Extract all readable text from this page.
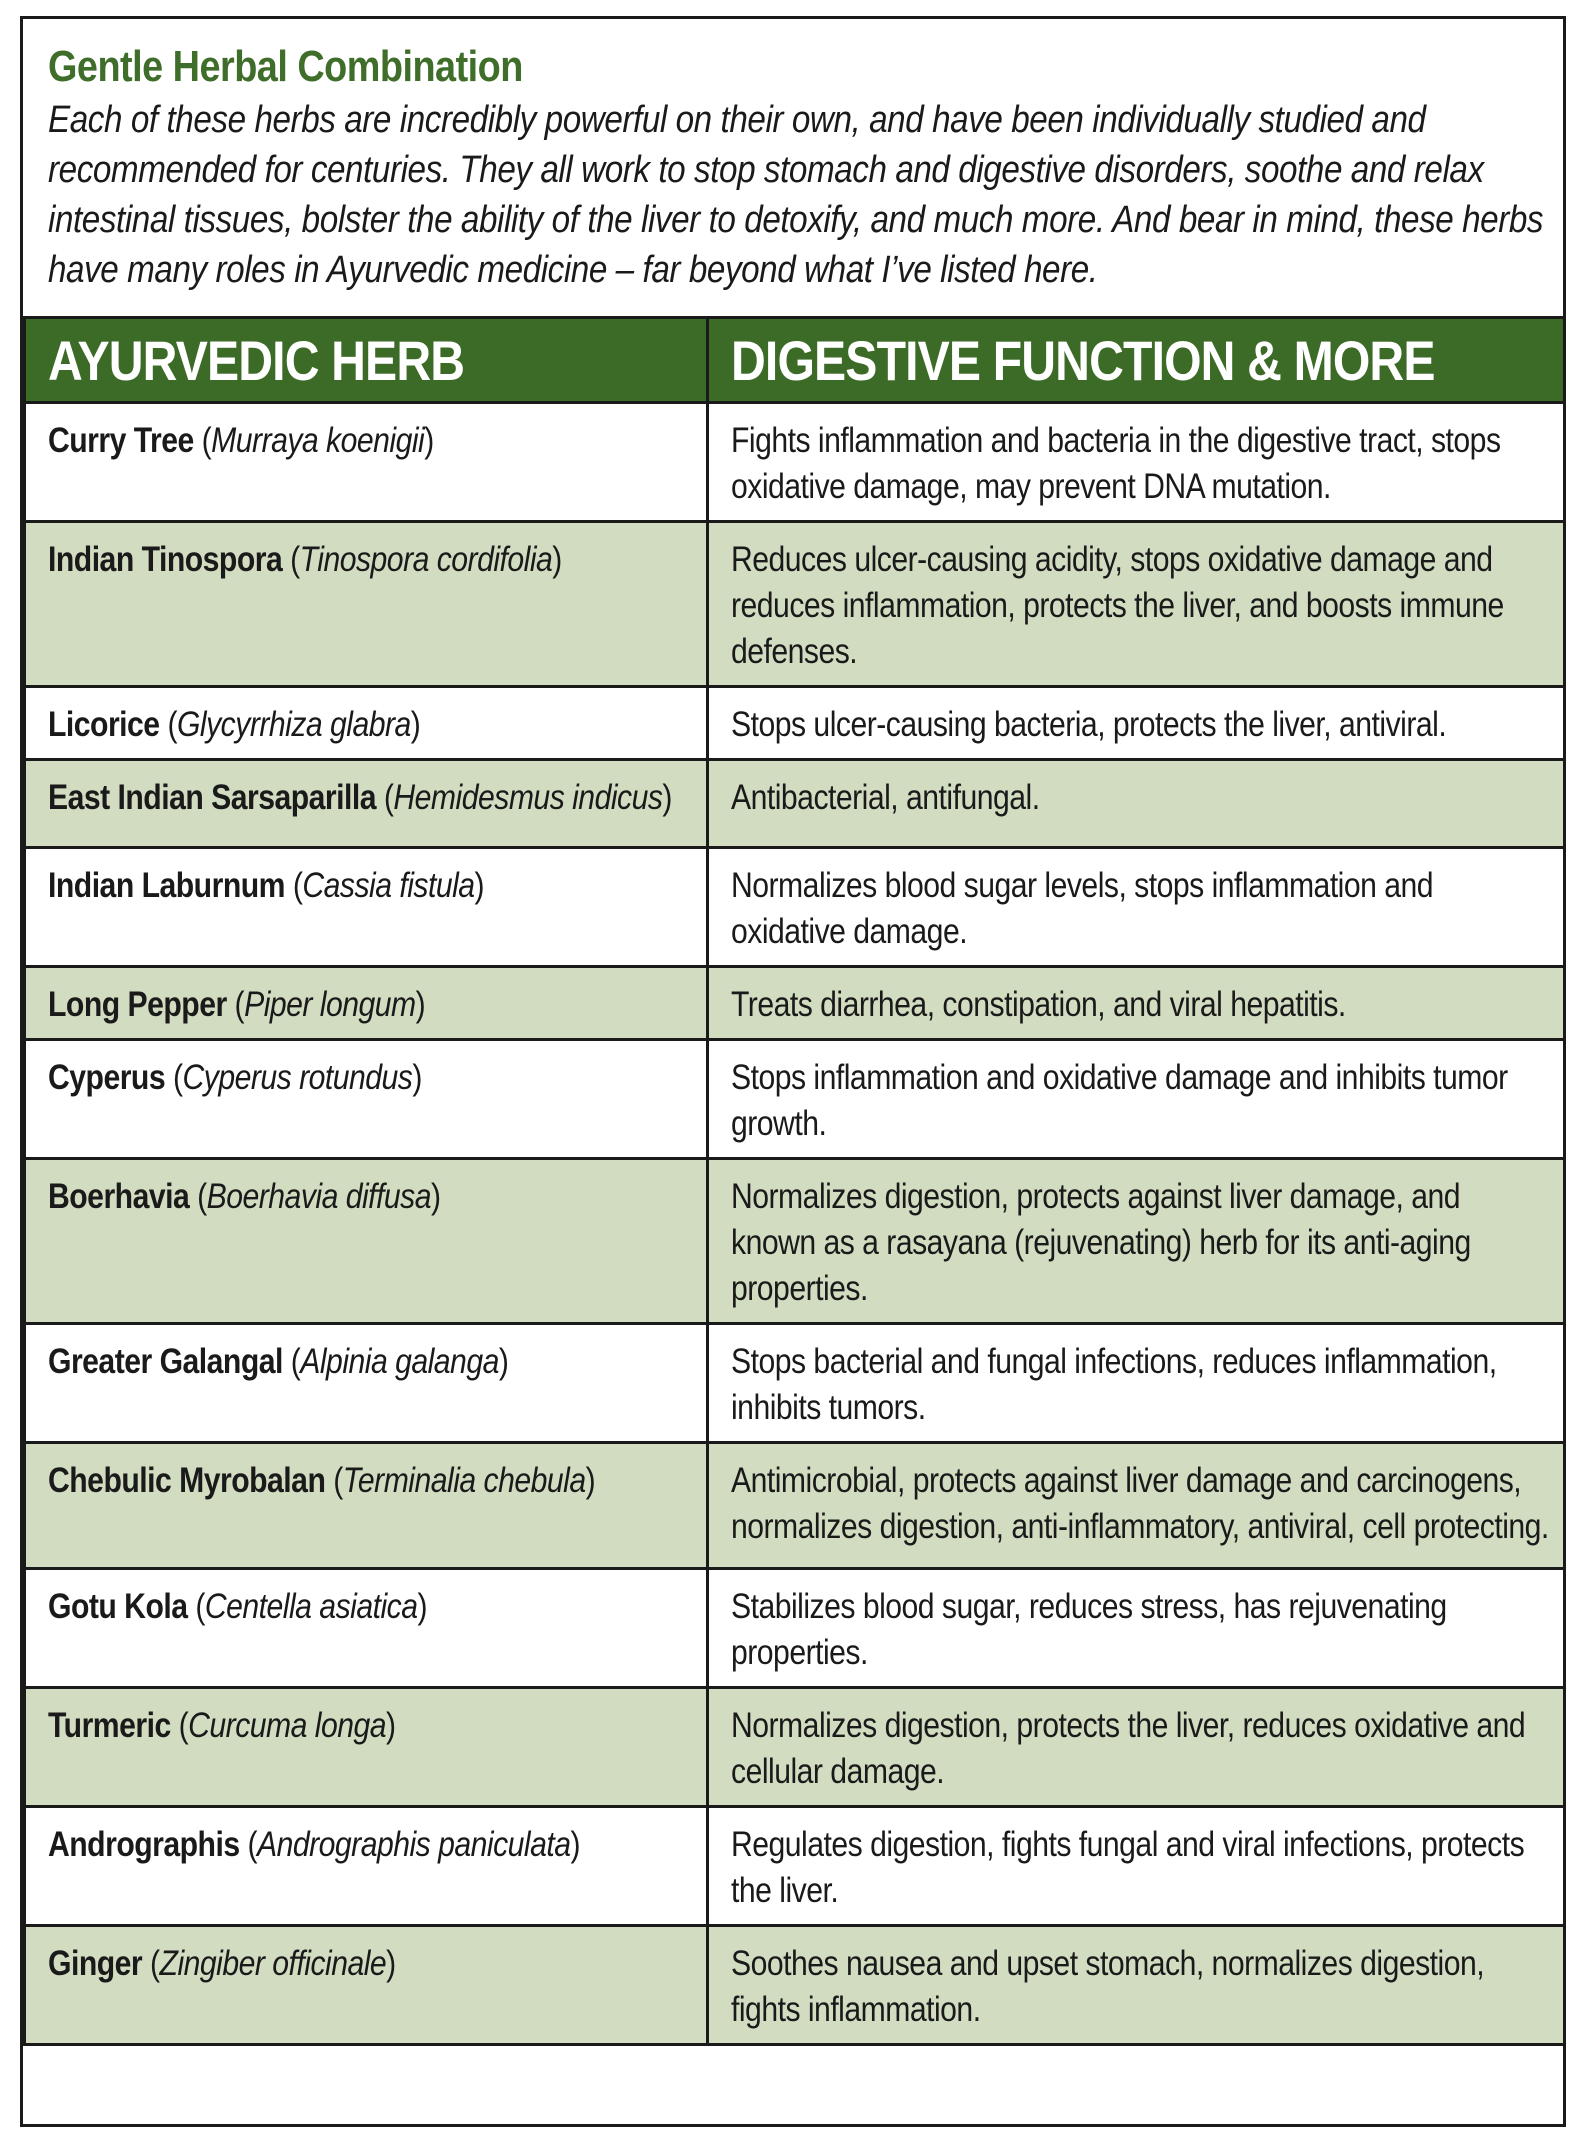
Gentle Herbal Combination
Each of these herbs are incredibly powerful on their own, and have been individually studied and recommended for centuries. They all work to stop stomach and digestive disorders, soothe and relax intestinal tissues, bolster the ability of the liver to detoxify, and much more. And bear in mind, these herbs have many roles in Ayurvedic medicine – far beyond what I’ve listed here.
AYURVEDIC HERB	DIGESTIVE FUNCTION & MORE

Curry Tree (Murraya koenigii)	Fights inflammation and bacteria in the digestive tract, stops oxidative damage, may prevent DNA mutation.

Indian Tinospora (Tinospora cordifolia)	Reduces ulcer-causing acidity, stops oxidative damage and reduces inflammation, protects the liver, and boosts immune defenses.

Licorice (Glycyrrhiza glabra)	Stops ulcer-causing bacteria, protects the liver, antiviral.

East Indian Sarsaparilla (Hemidesmus indicus)	Antibacterial, antifungal.

Indian Laburnum (Cassia fistula)	Normalizes blood sugar levels, stops inflammation and oxidative damage.

Long Pepper (Piper longum)	Treats diarrhea, constipation, and viral hepatitis.

Cyperus (Cyperus rotundus)	Stops inflammation and oxidative damage and inhibits tumor growth.

Boerhavia (Boerhavia diffusa)	Normalizes digestion, protects against liver damage, and known as a rasayana (rejuvenating) herb for its anti-aging properties.

Greater Galangal (Alpinia galanga)	Stops bacterial and fungal infections, reduces inflammation, inhibits tumors.

Chebulic Myrobalan (Terminalia chebula)	Antimicrobial, protects against liver damage and carcinogens, normalizes digestion, anti-inflammatory, antiviral, cell protecting.

Gotu Kola (Centella asiatica)	Stabilizes blood sugar, reduces stress, has rejuvenating properties.

Turmeric (Curcuma longa)	Normalizes digestion, protects the liver, reduces oxidative and cellular damage.

Andrographis (Andrographis paniculata)	Regulates digestion, fights fungal and viral infections, protects the liver.

Ginger (Zingiber officinale)	Soothes nausea and upset stomach, normalizes digestion, fights inflammation.
